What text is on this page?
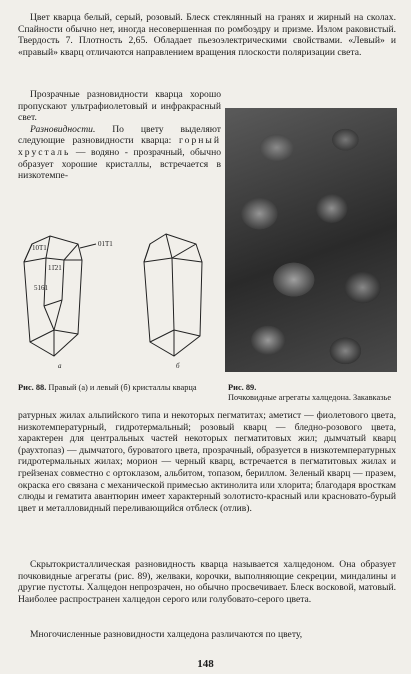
Цвет кварца белый, серый, розовый. Блеск стеклянный на гранях и жирный на сколах. Спайности обычно нет, иногда несовершенная по ромбоэдру и призме. Излом раковистый. Твердость 7. Плотность 2,65. Обладает пьезоэлектрическими свойствами. «Левый» и «правый» кварц отличаются направлением вращения плоскости поляризации света.

Прозрачные разновидности кварца хорошо пропускают ультрафиолетовый и инфракрасный свет.

Разновидности. По цвету выделяют следующие разновидности кварца: горный хрусталь — водяно - прозрачный, обычно образует хорошие кристаллы, встречается в низкотемпе-

10Т1	01Т1
11̄21
5161
а	б
Рис. 88. Правый (а) и левый (б) кристаллы кварца	Рис. 89.
Почковидные агрегаты халцедона. Закавказье

ратурных жилах альпийского типа и некоторых пегматитах; аметист — фиолетового цвета, низкотемпературный, гидротермальный; розовый кварц — бледно-розового цвета, характерен для центральных частей некоторых пегматитовых жил; дымчатый кварц (раухтопаз) — дымчатого, буроватого цвета, прозрачный, образуется в низкотемпературных гидротермальных жилах; морион — черный кварц, встречается в пегматитовых жилах и грейзенах совместно с ортоклазом, альбитом, топазом, бериллом. Зеленый кварц — празем, окраска его связана с механической примесью актинолита или хлорита; благодаря вросткам слюды и гематита авантюрин имеет характерный золотисто-красный или красновато-бурый цвет и металловидный переливающийся отблеск (отлив).

Скрытокристаллическая разновидность кварца называется халцедоном. Она образует почковидные агрегаты (рис. 89), желваки, корочки, выполняющие секреции, миндалины и другие пустоты. Халцедон непрозрачен, но обычно просвечивает. Блеск восковой, матовый. Наиболее распространен халцедон серого или голубовато-серого цвета.

Многочисленные разновидности халцедона различаются по цвету,

148
